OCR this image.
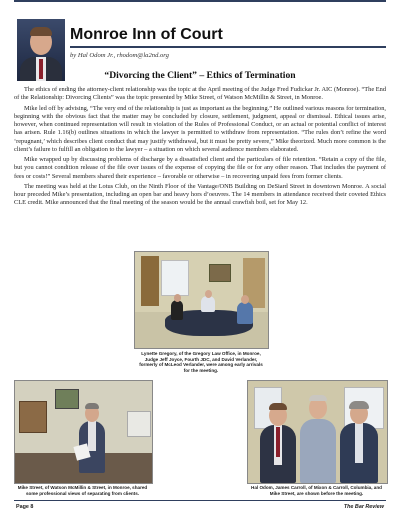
Monroe Inn of Court
by Hal Odom Jr., rhodom@la2nd.org
“Divorcing the Client” – Ethics of Termination

The ethics of ending the attorney-client relationship was the topic at the April meeting of the Judge Fred Fudickar Jr. AIC (Monroe). “The End of the Relationship: Divorcing Clients” was the topic presented by Mike Street, of Watson McMillin & Street, in Monroe.

Mike led off by advising, “The very end of the relationship is just as important as the beginning.” He outlined various reasons for termination, beginning with the obvious fact that the matter may be concluded by closure, settlement, judgment, appeal or dismissal. Ethical issues arise, however, when continued representation will result in violation of the Rules of Professional Conduct, or an actual or potential conflict of interest has arisen. Rule 1.16(b) outlines situations in which the lawyer is permitted to withdraw from representation. “The rules don’t refine the word ‘repugnant,’ which describes client conduct that may justify withdrawal, but it must be pretty severe,” Mike theorized. Much more common is the client’s failure to fulfill an obligation to the lawyer – a situation on which several audience members elaborated.

Mike wrapped up by discussing problems of discharge by a dissatisfied client and the particulars of file retention. “Retain a copy of the file, but you cannot condition release of the file over issues of the expense of copying the file or for any other reason. That includes the payment of fees or costs!” Several members shared their experience – favorable or otherwise – in recovering unpaid fees from former clients.

The meeting was held at the Lotus Club, on the Ninth Floor of the Vantage/ONB Building on DeSiard Street in downtown Monroe. A social hour preceded Mike’s presentation, including an open bar and heavy hors d’oeuvres. The 14 members in attendance received their coveted Ethics CLE credit. Mike announced that the final meeting of the season would be the annual crawfish boil, set for May 12.

Lynette Gregory, of the Gregory Law Office, in Monroe, Judge Jeff Joyce, Fourth JDC, and David Verlander, formerly of McLeod Verlander, were among early arrivals for the meeting.
Mike Street, of Watson McMillin & Street, in Monroe, shared some professional views of separating from clients.
Hal Odom, James Carroll, of Mixon & Carroll, Columbia, and Mike Street, are shown before the meeting.
Page 8	The Bar Review
